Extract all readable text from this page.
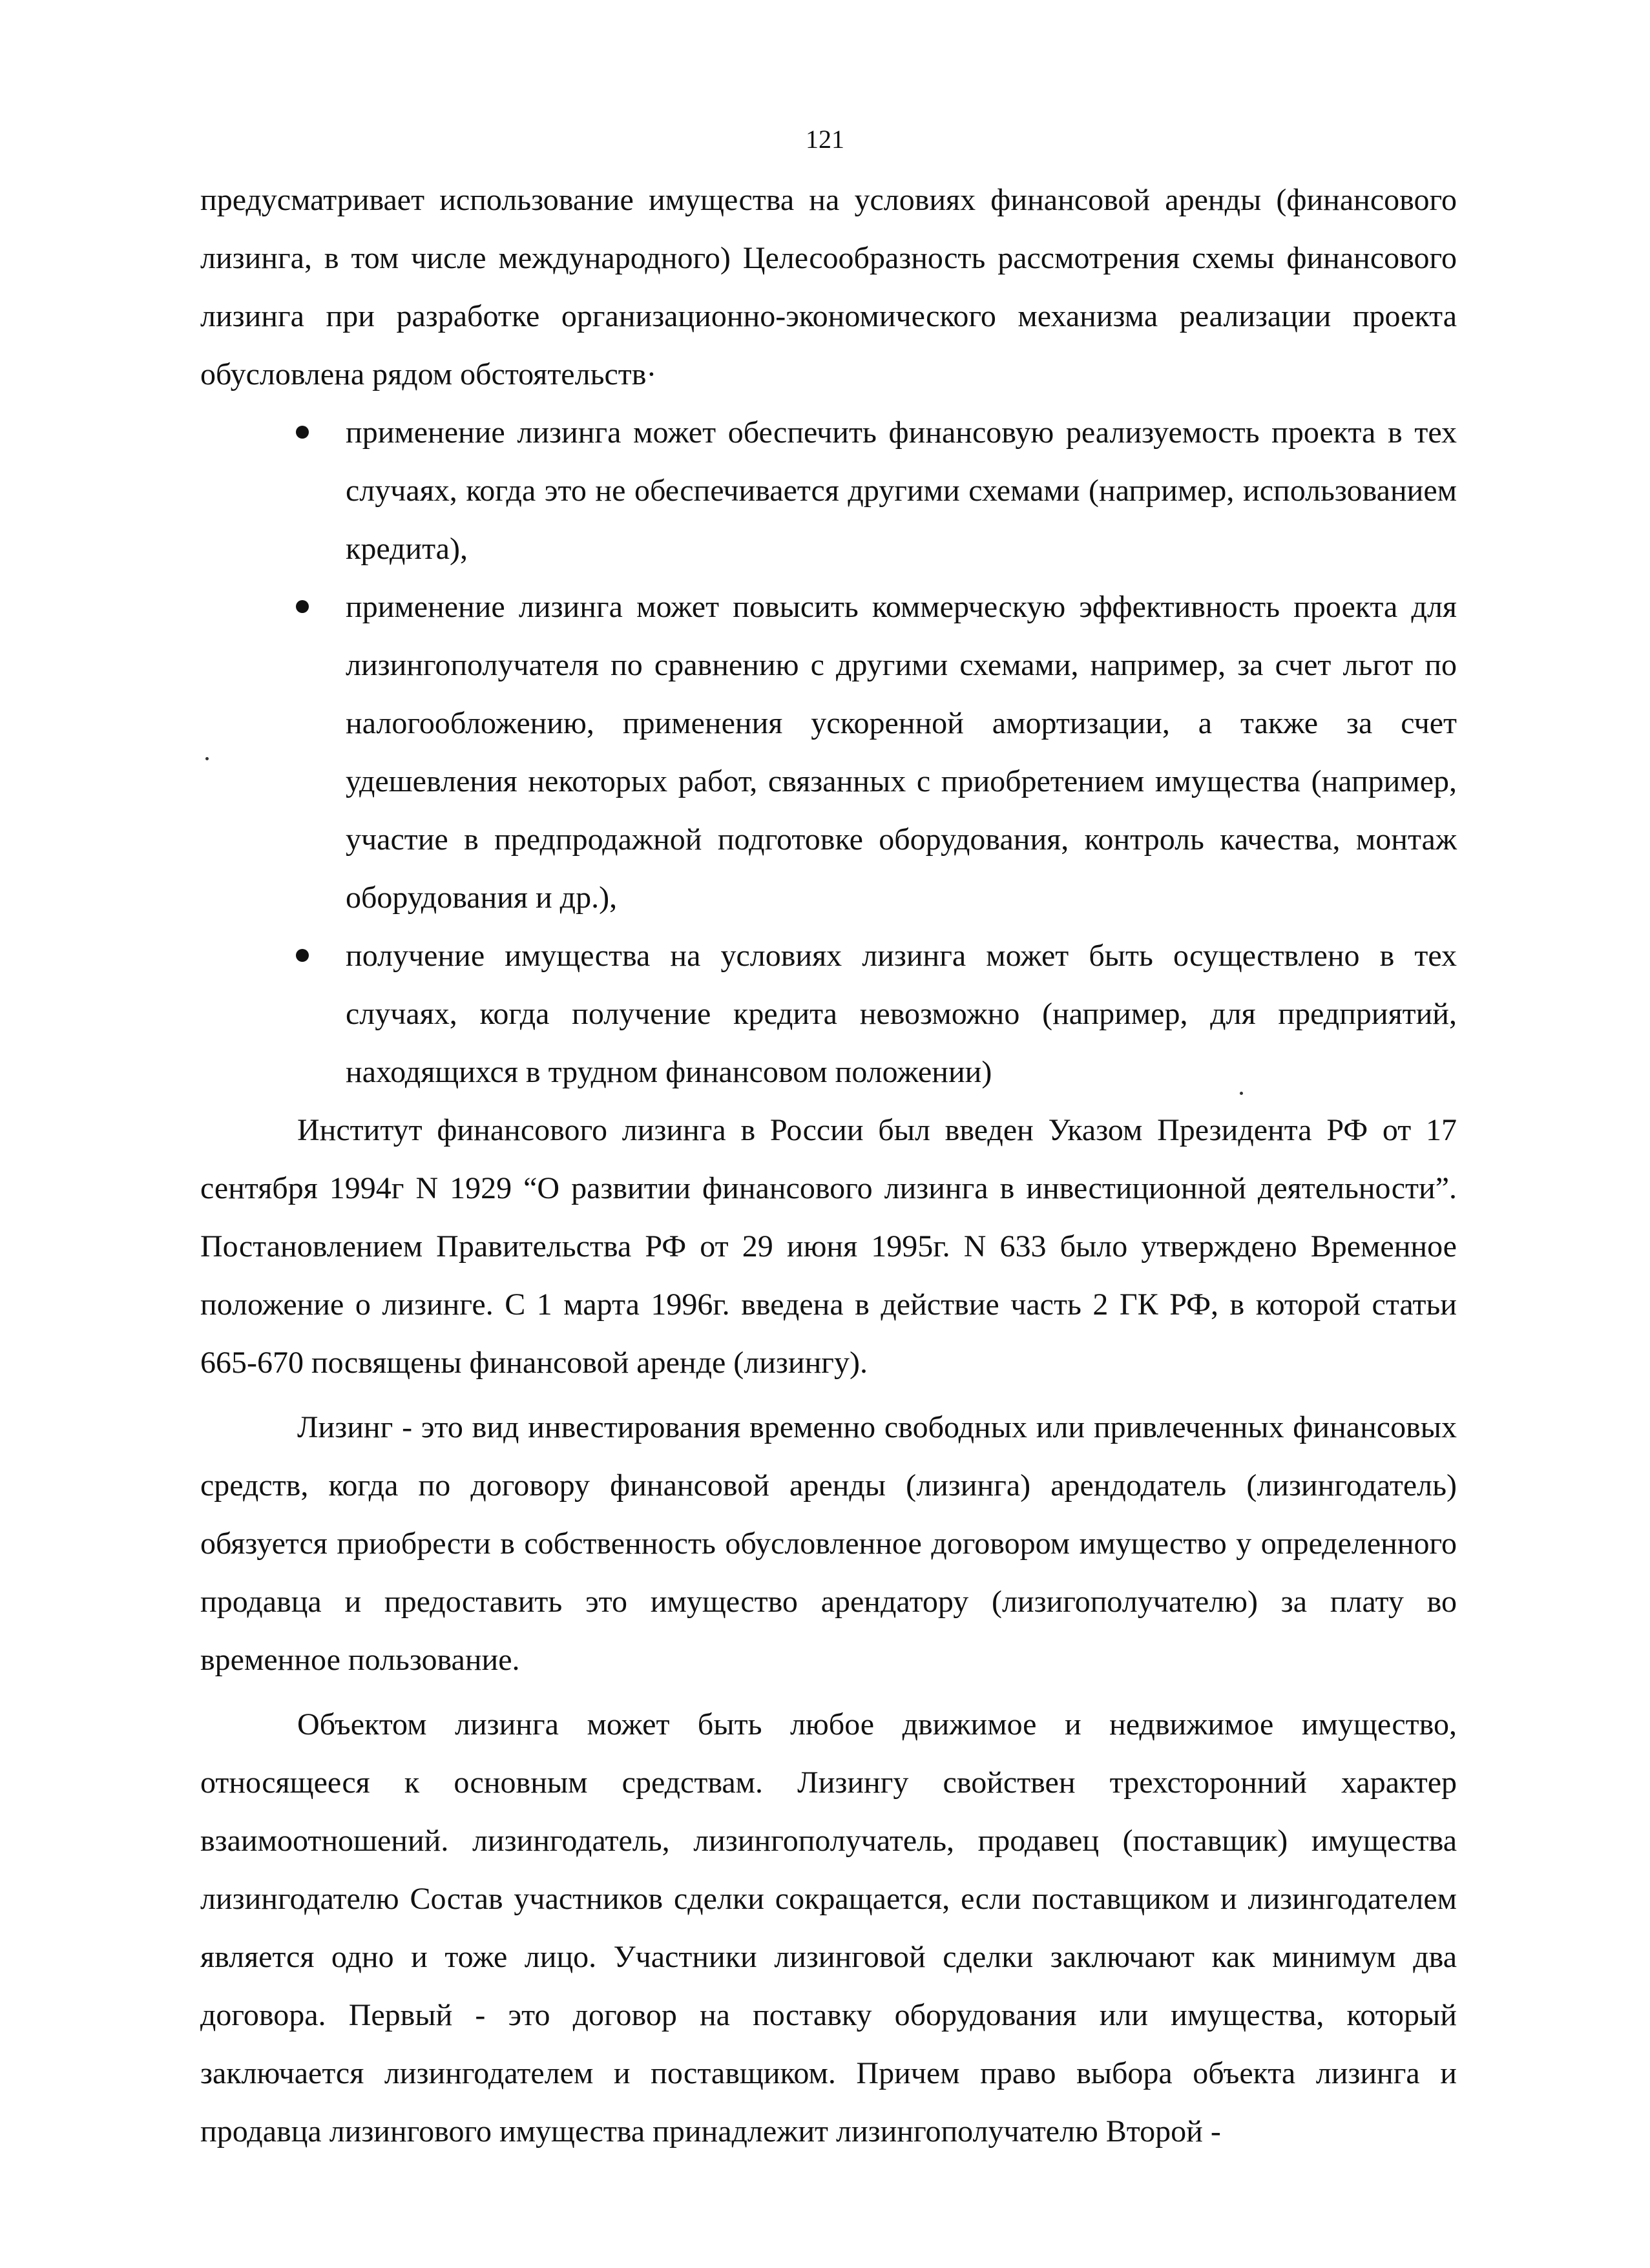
121

предусматривает использование имущества на условиях финансовой аренды (финансового лизинга, в том числе международного) Целесообразность рассмотрения схемы финансового лизинга при разработке организационно-экономического механизма реализации проекта обусловлена рядом обстоятельств·

применение лизинга может обеспечить финансовую реализуемость проекта в тех случаях, когда это не обеспечивается другими схемами (например, использованием кредита),
применение лизинга может повысить коммерческую эффективность проекта для лизингополучателя по сравнению с другими схемами, например, за счет льгот по налогообложению, применения ускоренной амортизации, а также за счет удешевления некоторых работ, связанных с приобретением имущества (например, участие в предпродажной подготовке оборудования, контроль качества, монтаж оборудования и др.),
получение имущества на условиях лизинга может быть осуществлено в тех случаях, когда получение кредита невозможно (например, для предприятий, находящихся в трудном финансовом положении)

Институт финансового лизинга в России был введен Указом Президента РФ от 17 сентября 1994г N 1929 “О развитии финансового лизинга в инвестиционной деятельности”. Постановлением Правительства РФ от 29 июня 1995г. N 633 было утверждено Временное положение о лизинге. С 1 марта 1996г. введена в действие часть 2 ГК РФ, в которой статьи 665-670 посвящены финансовой аренде (лизингу).

Лизинг - это вид инвестирования временно свободных или привлеченных финансовых средств, когда по договору финансовой аренды (лизинга) арендодатель (лизингодатель) обязуется приобрести в собственность обусловленное договором имущество у определенного продавца и предоставить это имущество арендатору (лизигополучателю) за плату во временное пользование.

Объектом лизинга может быть любое движимое и недвижимое имущество, относящееся к основным средствам. Лизингу свойствен трехсторонний характер взаимоотношений. лизингодатель, лизингополучатель, продавец (поставщик) имущества лизингодателю Состав участников сделки сокращается, если поставщиком и лизингодателем является одно и тоже лицо. Участники лизинговой сделки заключают как минимум два договора. Первый - это договор на поставку оборудования или имущества, который заключается лизингодателем и поставщиком. Причем право выбора объекта лизинга и продавца лизингового имущества принадлежит лизингополучателю Второй -
